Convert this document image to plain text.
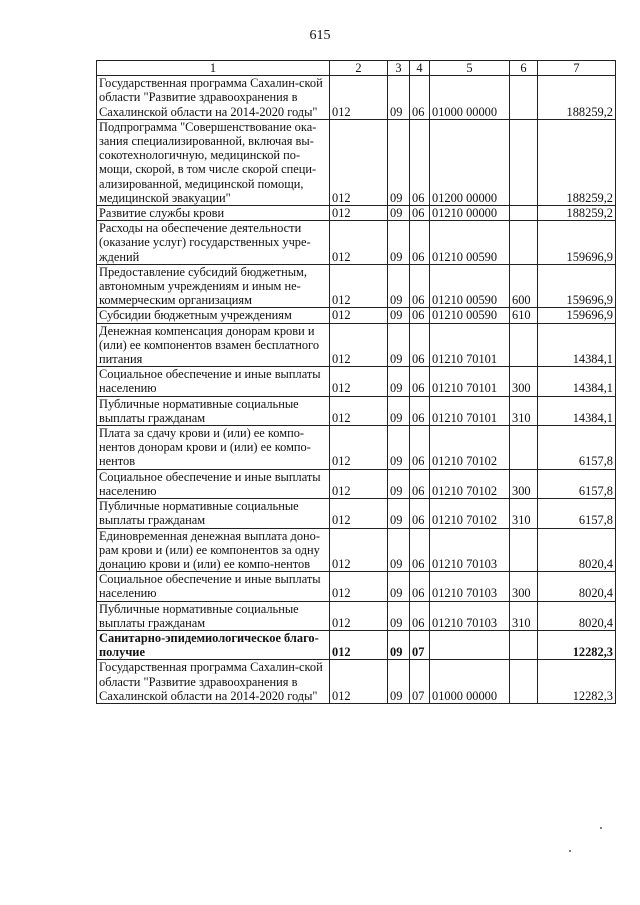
615
1	2	3	4	5	6	7
Государственная программа Сахалин-ской области "Развитие здравоохранения в Сахалинской области на 2014-2020 годы"	012	09	06	01000 00000		188259,2
Подпрограмма "Совершенствование ока-зания специализированной, включая вы-сокотехнологичную, медицинской по-мощи, скорой, в том числе скорой специ-ализированной, медицинской помощи, медицинской эвакуации"	012	09	06	01200 00000		188259,2
Развитие службы крови	012	09	06	01210 00000		188259,2
Расходы на обеспечение деятельности (оказание услуг) государственных учре-ждений	012	09	06	01210 00590		159696,9
Предоставление субсидий бюджетным, автономным учреждениям и иным не-коммерческим организациям	012	09	06	01210 00590	600	159696,9
Субсидии бюджетным учреждениям	012	09	06	01210 00590	610	159696,9
Денежная компенсация донорам крови и (или) ее компонентов взамен бесплатного питания	012	09	06	01210 70101		14384,1
Социальное обеспечение и иные выплаты населению	012	09	06	01210 70101	300	14384,1
Публичные нормативные социальные выплаты гражданам	012	09	06	01210 70101	310	14384,1
Плата за сдачу крови и (или) ее компо-нентов донорам крови и (или) ее компо-нентов	012	09	06	01210 70102		6157,8
Социальное обеспечение и иные выплаты населению	012	09	06	01210 70102	300	6157,8
Публичные нормативные социальные выплаты гражданам	012	09	06	01210 70102	310	6157,8
Единовременная денежная выплата доно-рам крови и (или) ее компонентов за одну донацию крови и (или) ее компо-нентов	012	09	06	01210 70103		8020,4
Социальное обеспечение и иные выплаты населению	012	09	06	01210 70103	300	8020,4
Публичные нормативные социальные выплаты гражданам	012	09	06	01210 70103	310	8020,4
Санитарно-эпидемиологическое благо-получие	012	09	07			12282,3
Государственная программа Сахалин-ской области "Развитие здравоохранения в Сахалинской области на 2014-2020 годы"	012	09	07	01000 00000		12282,3
